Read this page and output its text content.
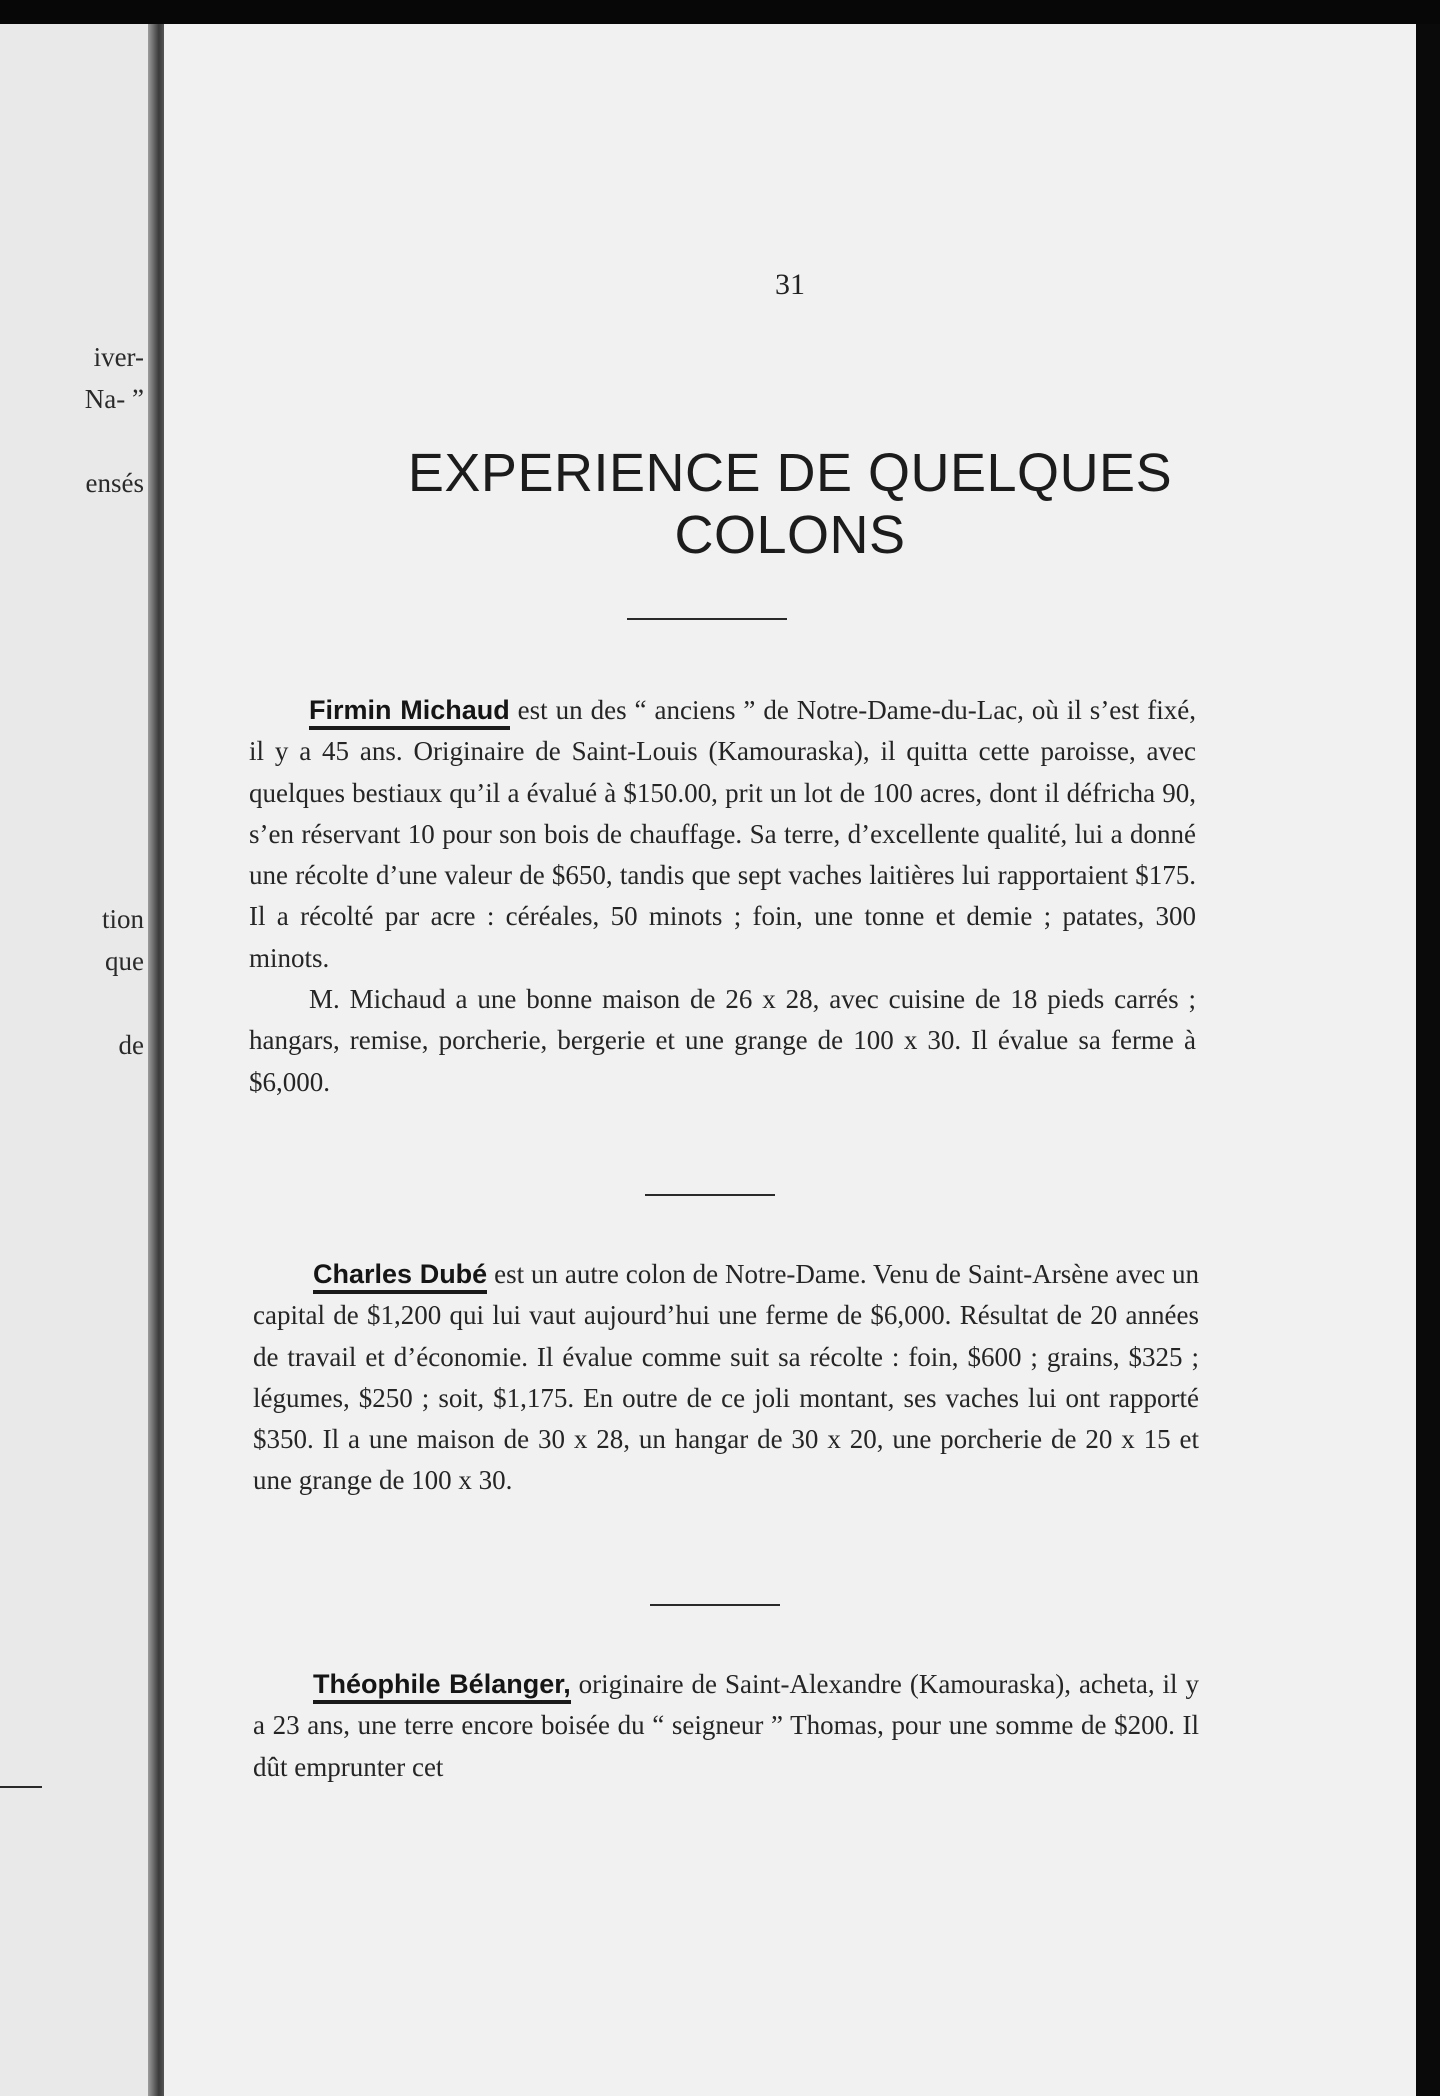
iver-
Na- ˮ
ensés
tion
que
de
31
EXPERIENCE DE QUELQUES
COLONS

Firmin Michaud est un des “ anciens ” de Notre-Dame-du-Lac, où il s’est fixé, il y a 45 ans. Originaire de Saint-Louis (Kamouraska), il quitta cette paroisse, avec quelques bestiaux qu’il a évalué à $150.00, prit un lot de 100 acres, dont il défricha 90, s’en réservant 10 pour son bois de chauffage. Sa terre, d’excellente qualité, lui a donné une récolte d’une valeur de $650, tandis que sept vaches laitières lui rapportaient $175. Il a récolté par acre : céréales, 50 minots ; foin, une tonne et demie ; patates, 300 minots.

M. Michaud a une bonne maison de 26 x 28, avec cuisine de 18 pieds carrés ; hangars, remise, porcherie, bergerie et une grange de 100 x 30. Il évalue sa ferme à $6,000.

Charles Dubé est un autre colon de Notre-Dame. Venu de Saint-Arsène avec un capital de $1,200 qui lui vaut aujourd’hui une ferme de $6,000. Résultat de 20 années de travail et d’économie. Il évalue comme suit sa récolte : foin, $600 ; grains, $325 ; légumes, $250 ; soit, $1,175. En outre de ce joli montant, ses vaches lui ont rapporté $350. Il a une maison de 30 x 28, un hangar de 30 x 20, une porcherie de 20 x 15 et une grange de 100 x 30.

Théophile Bélanger, originaire de Saint-Alexandre (Kamouraska), acheta, il y a 23 ans, une terre encore boisée du “ seigneur ” Thomas, pour une somme de $200. Il dût emprunter cet
